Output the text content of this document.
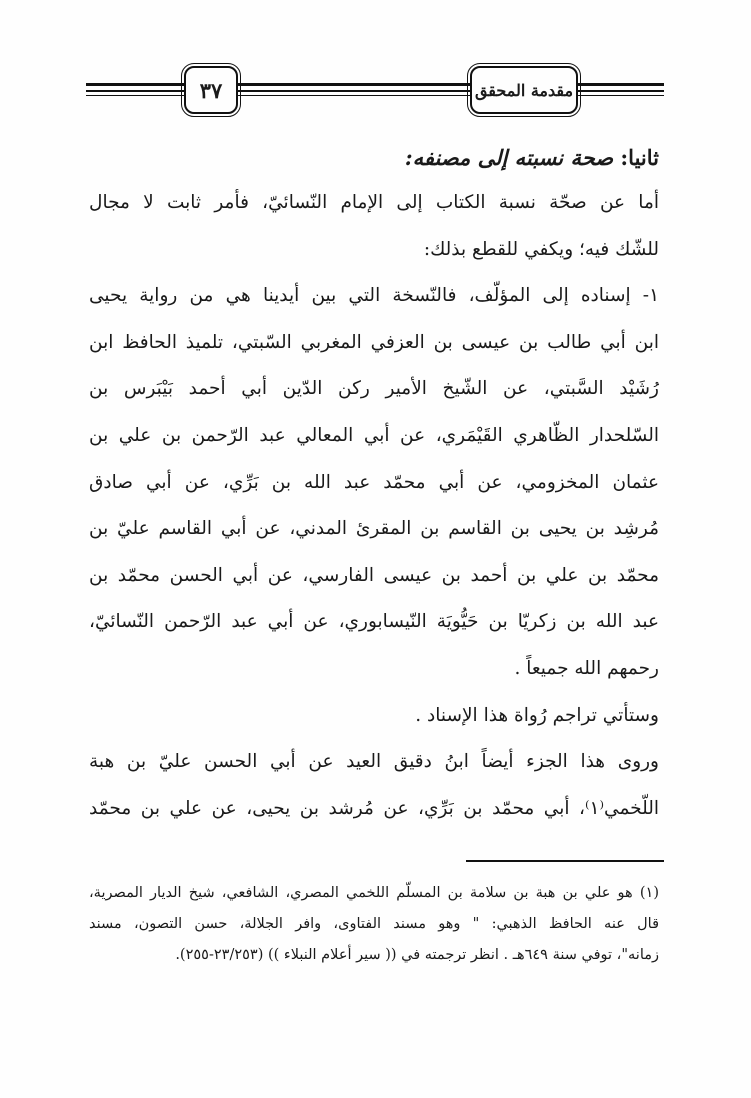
٣٧	مقدمة المحقق
ثانيا: صحة نسبته إلى مصنفه:
أما عن صحّة نسبة الكتاب إلى الإمام النّسائيّ، فأمر ثابت لا مجال
للشّك فيه؛ ويكفي للقطع بذلك:
١- إسناده إلى المؤلّف، فالنّسخة التي بين أيدينا هي من رواية يحيى
ابن أبي طالب بن عيسى بن العزفي المغربي السّبتي، تلميذ الحافظ ابن
رُشَيْد السَّبتي، عن الشّيخ الأمير ركن الدّين أبي أحمد بَيْبَرس بن
السّلحدار الظّاهري القَيْمَري، عن أبي المعالي عبد الرّحمن بن علي بن
عثمان المخزومي، عن أبي محمّد عبد الله بن بَرِّي، عن أبي صادق
مُرشِد بن يحيى بن القاسم بن المقرئ المدني، عن أبي القاسم عليّ بن
محمّد بن علي بن أحمد بن عيسى الفارسي، عن أبي الحسن محمّد بن
عبد الله بن زكريّا بن حَيُّويَة النّيسابوري، عن أبي عبد الرّحمن النّسائيّ،
رحمهم الله جميعاً .
وستأتي تراجم رُواة هذا الإسناد .
وروى هذا الجزء أيضاً ابنُ دقيق العيد عن أبي الحسن عليّ بن هبة
اللّخمي⁽١⁾، أبي محمّد بن بَرِّي، عن مُرشد بن يحيى، عن علي بن محمّد
(١) هو علي بن هبة بن سلامة بن المسلّم اللخمي المصري، الشافعي، شيخ الديار المصرية،
قال عنه الحافظ الذهبي: " وهو مسند الفتاوى، وافر الجلالة، حسن التصون، مسند
زمانه"، توفي سنة ٦٤٩هـ . انظر ترجمته في (( سير أعلام النبلاء )) (٢٣/٢٥٣-٢٥٥).
